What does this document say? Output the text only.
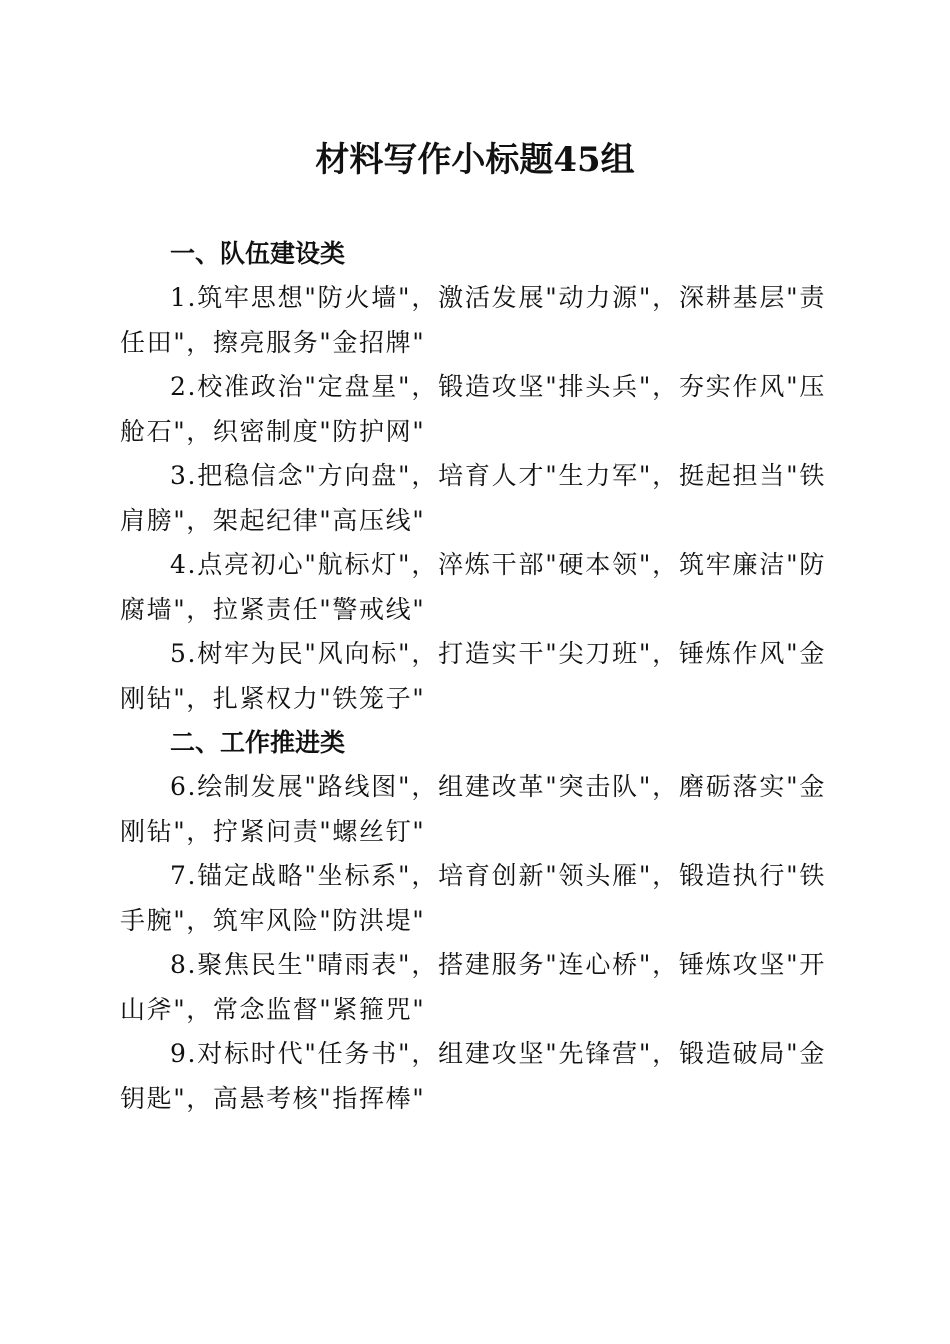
材料写作小标题45组

一、队伍建设类

1.筑牢思想"防火墙"，激活发展"动力源"，深耕基层"责任田"，擦亮服务"金招牌"

2.校准政治"定盘星"，锻造攻坚"排头兵"，夯实作风"压舱石"，织密制度"防护网"

3.把稳信念"方向盘"，培育人才"生力军"，挺起担当"铁肩膀"，架起纪律"高压线"

4.点亮初心"航标灯"，淬炼干部"硬本领"，筑牢廉洁"防腐墙"，拉紧责任"警戒线"

5.树牢为民"风向标"，打造实干"尖刀班"，锤炼作风"金刚钻"，扎紧权力"铁笼子"

二、工作推进类

6.绘制发展"路线图"，组建改革"突击队"，磨砺落实"金刚钻"，拧紧问责"螺丝钉"

7.锚定战略"坐标系"，培育创新"领头雁"，锻造执行"铁手腕"，筑牢风险"防洪堤"

8.聚焦民生"晴雨表"，搭建服务"连心桥"，锤炼攻坚"开山斧"，常念监督"紧箍咒"

9.对标时代"任务书"，组建攻坚"先锋营"，锻造破局"金钥匙"，高悬考核"指挥棒"
